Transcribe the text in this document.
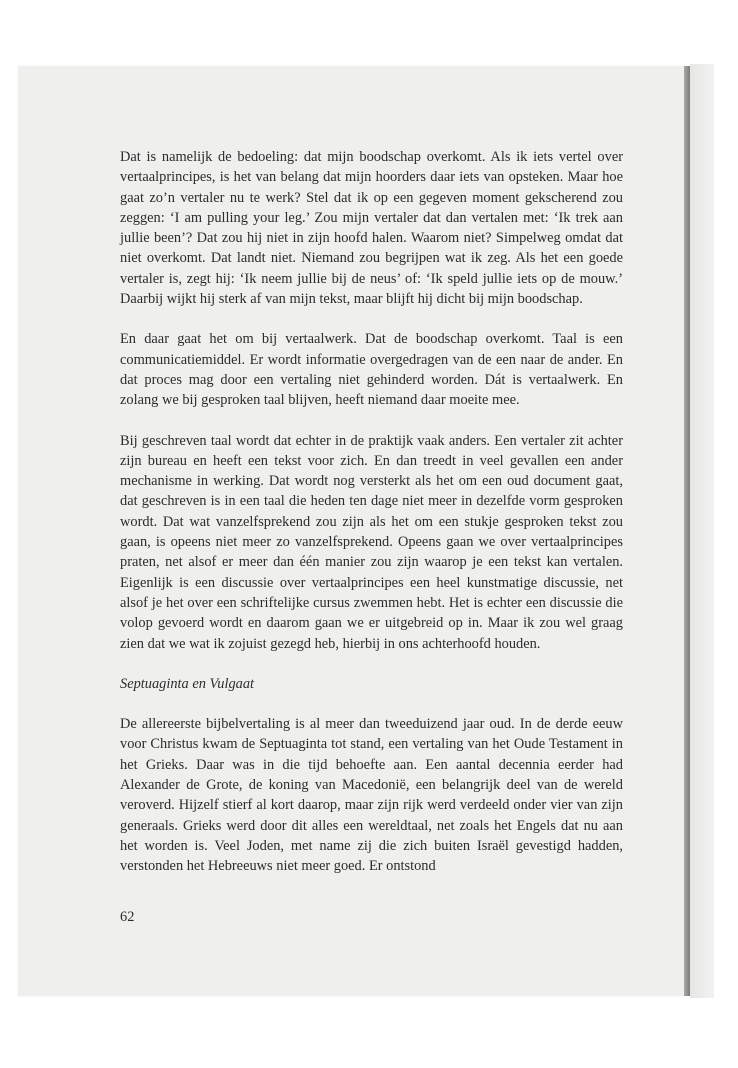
Dat is namelijk de bedoeling: dat mijn boodschap overkomt. Als ik iets vertel over vertaalprincipes, is het van belang dat mijn hoorders daar iets van opsteken. Maar hoe gaat zo’n vertaler nu te werk? Stel dat ik op een gegeven moment gekscherend zou zeggen: ‘I am pulling your leg.’ Zou mijn vertaler dat dan vertalen met: ‘Ik trek aan jullie been’? Dat zou hij niet in zijn hoofd halen. Waarom niet? Simpelweg omdat dat niet overkomt. Dat landt niet. Niemand zou begrijpen wat ik zeg. Als het een goede vertaler is, zegt hij: ‘Ik neem jullie bij de neus’ of: ‘Ik speld jullie iets op de mouw.’ Daarbij wijkt hij sterk af van mijn tekst, maar blijft hij dicht bij mijn boodschap.

En daar gaat het om bij vertaalwerk. Dat de boodschap overkomt. Taal is een communicatiemiddel. Er wordt informatie overgedragen van de een naar de ander. En dat proces mag door een vertaling niet gehinderd worden. Dát is vertaalwerk. En zolang we bij gesproken taal blijven, heeft niemand daar moeite mee.

Bij geschreven taal wordt dat echter in de praktijk vaak anders. Een vertaler zit achter zijn bureau en heeft een tekst voor zich. En dan treedt in veel gevallen een ander mechanisme in werking. Dat wordt nog versterkt als het om een oud document gaat, dat geschreven is in een taal die heden ten dage niet meer in dezelfde vorm gesproken wordt. Dat wat vanzelfsprekend zou zijn als het om een stukje gesproken tekst zou gaan, is opeens niet meer zo vanzelfsprekend. Opeens gaan we over vertaalprincipes praten, net alsof er meer dan één manier zou zijn waarop je een tekst kan vertalen. Eigenlijk is een discussie over vertaalprincipes een heel kunstmatige discussie, net alsof je het over een schriftelijke cursus zwemmen hebt. Het is echter een discussie die volop gevoerd wordt en daarom gaan we er uitgebreid op in. Maar ik zou wel graag zien dat we wat ik zojuist gezegd heb, hierbij in ons achterhoofd houden.

Septuaginta en Vulgaat

De allereerste bijbelvertaling is al meer dan tweeduizend jaar oud. In de derde eeuw voor Christus kwam de Septuaginta tot stand, een vertaling van het Oude Testament in het Grieks. Daar was in die tijd behoefte aan. Een aantal decennia eerder had Alexander de Grote, de koning van Macedonië, een belangrijk deel van de wereld veroverd. Hijzelf stierf al kort daarop, maar zijn rijk werd verdeeld onder vier van zijn generaals. Grieks werd door dit alles een wereldtaal, net zoals het Engels dat nu aan het worden is. Veel Joden, met name zij die zich buiten Israël gevestigd hadden, verstonden het Hebreeuws niet meer goed. Er ontstond

62
